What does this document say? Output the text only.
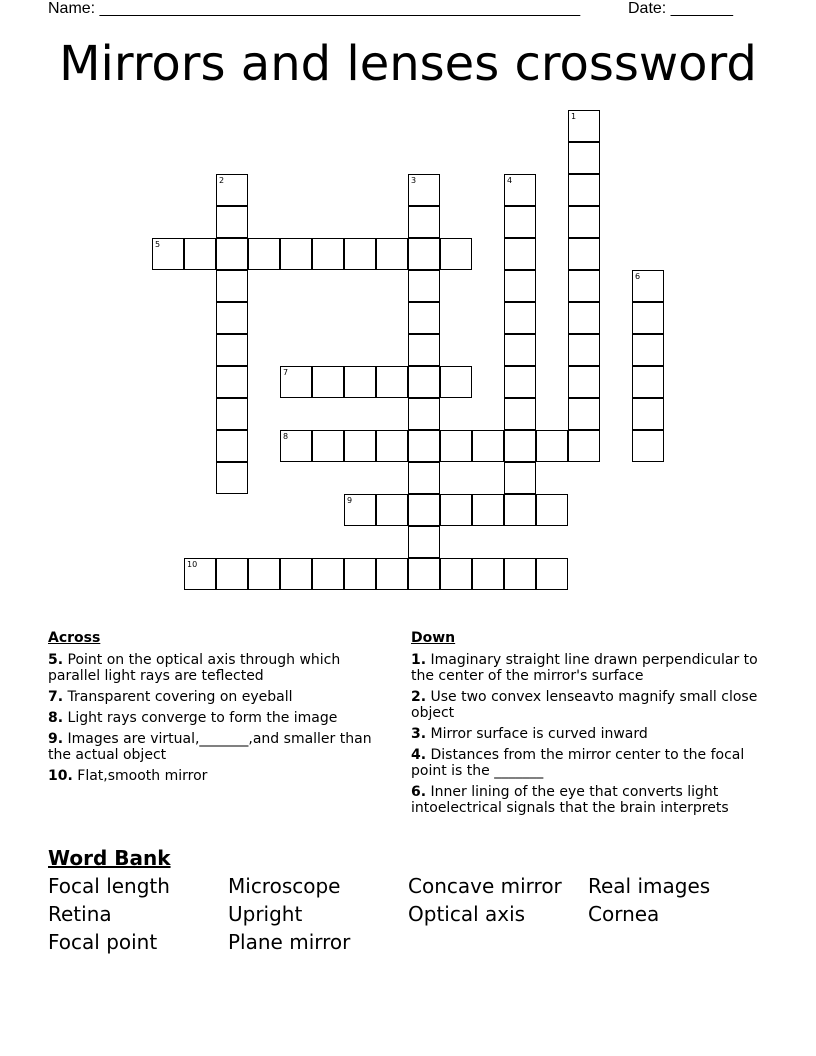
Name: ______________________________________________________	Date: _______
Mirrors and lenses crossword
1
2	3	4
5
6
7
8
9
10
Across
5. Point on the optical axis through which parallel light rays are teflected
7. Transparent covering on eyeball
8. Light rays converge to form the image
9. Images are virtual,_______,and smaller than the actual object
10. Flat,smooth mirror
Down
1. Imaginary straight line drawn perpendicular to the center of the mirror's surface
2. Use two convex lenseavto magnify small close object
3. Mirror surface is curved inward
4. Distances from the mirror center to the focal point is the _______
6. Inner lining of the eye that converts light intoelectrical signals that the brain interprets
Word Bank
Focal length	Microscope	Concave mirror	Real images
Retina	Upright	Optical axis	Cornea
Focal point	Plane mirror
